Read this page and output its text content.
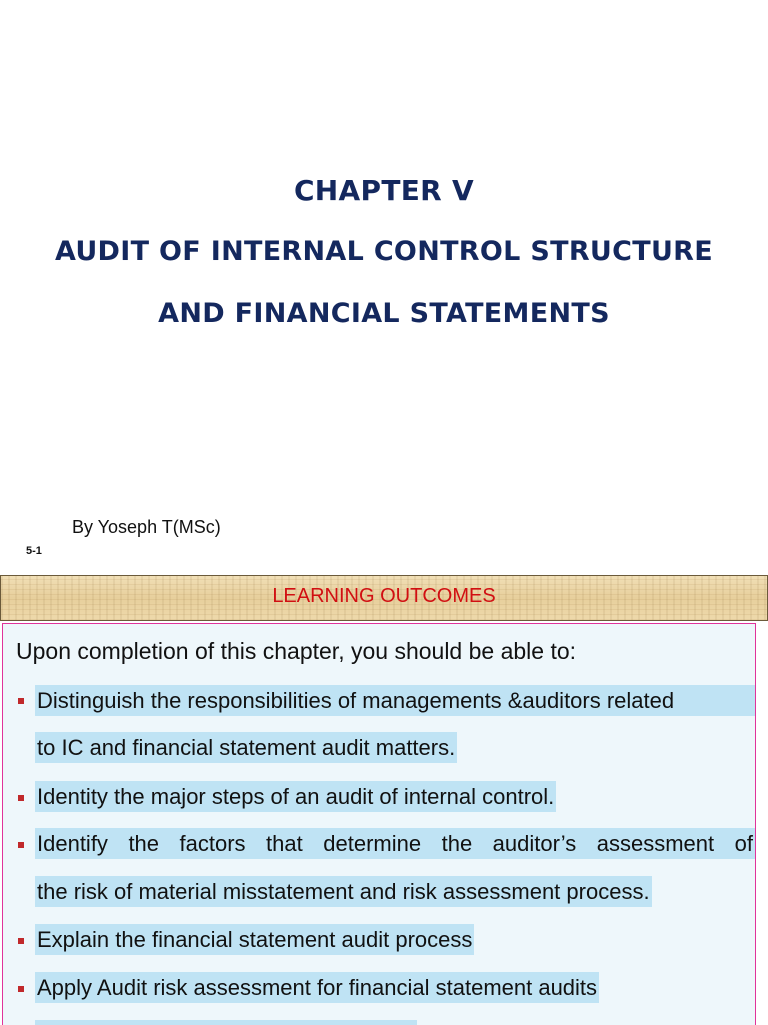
CHAPTER V
AUDIT OF INTERNAL CONTROL STRUCTURE
AND FINANCIAL STATEMENTS
By Yoseph T(MSc)
5-1
LEARNING OUTCOMES
Upon completion of this chapter, you should be able to:
Distinguish the responsibilities of managements &auditors related
to IC and financial statement audit matters.
Identity the major steps of an audit of internal control.
Identify the factors that determine the auditor’s assessment of
the risk of material misstatement and risk assessment process.
Explain the financial statement audit process
Apply Audit risk assessment for financial statement audits
